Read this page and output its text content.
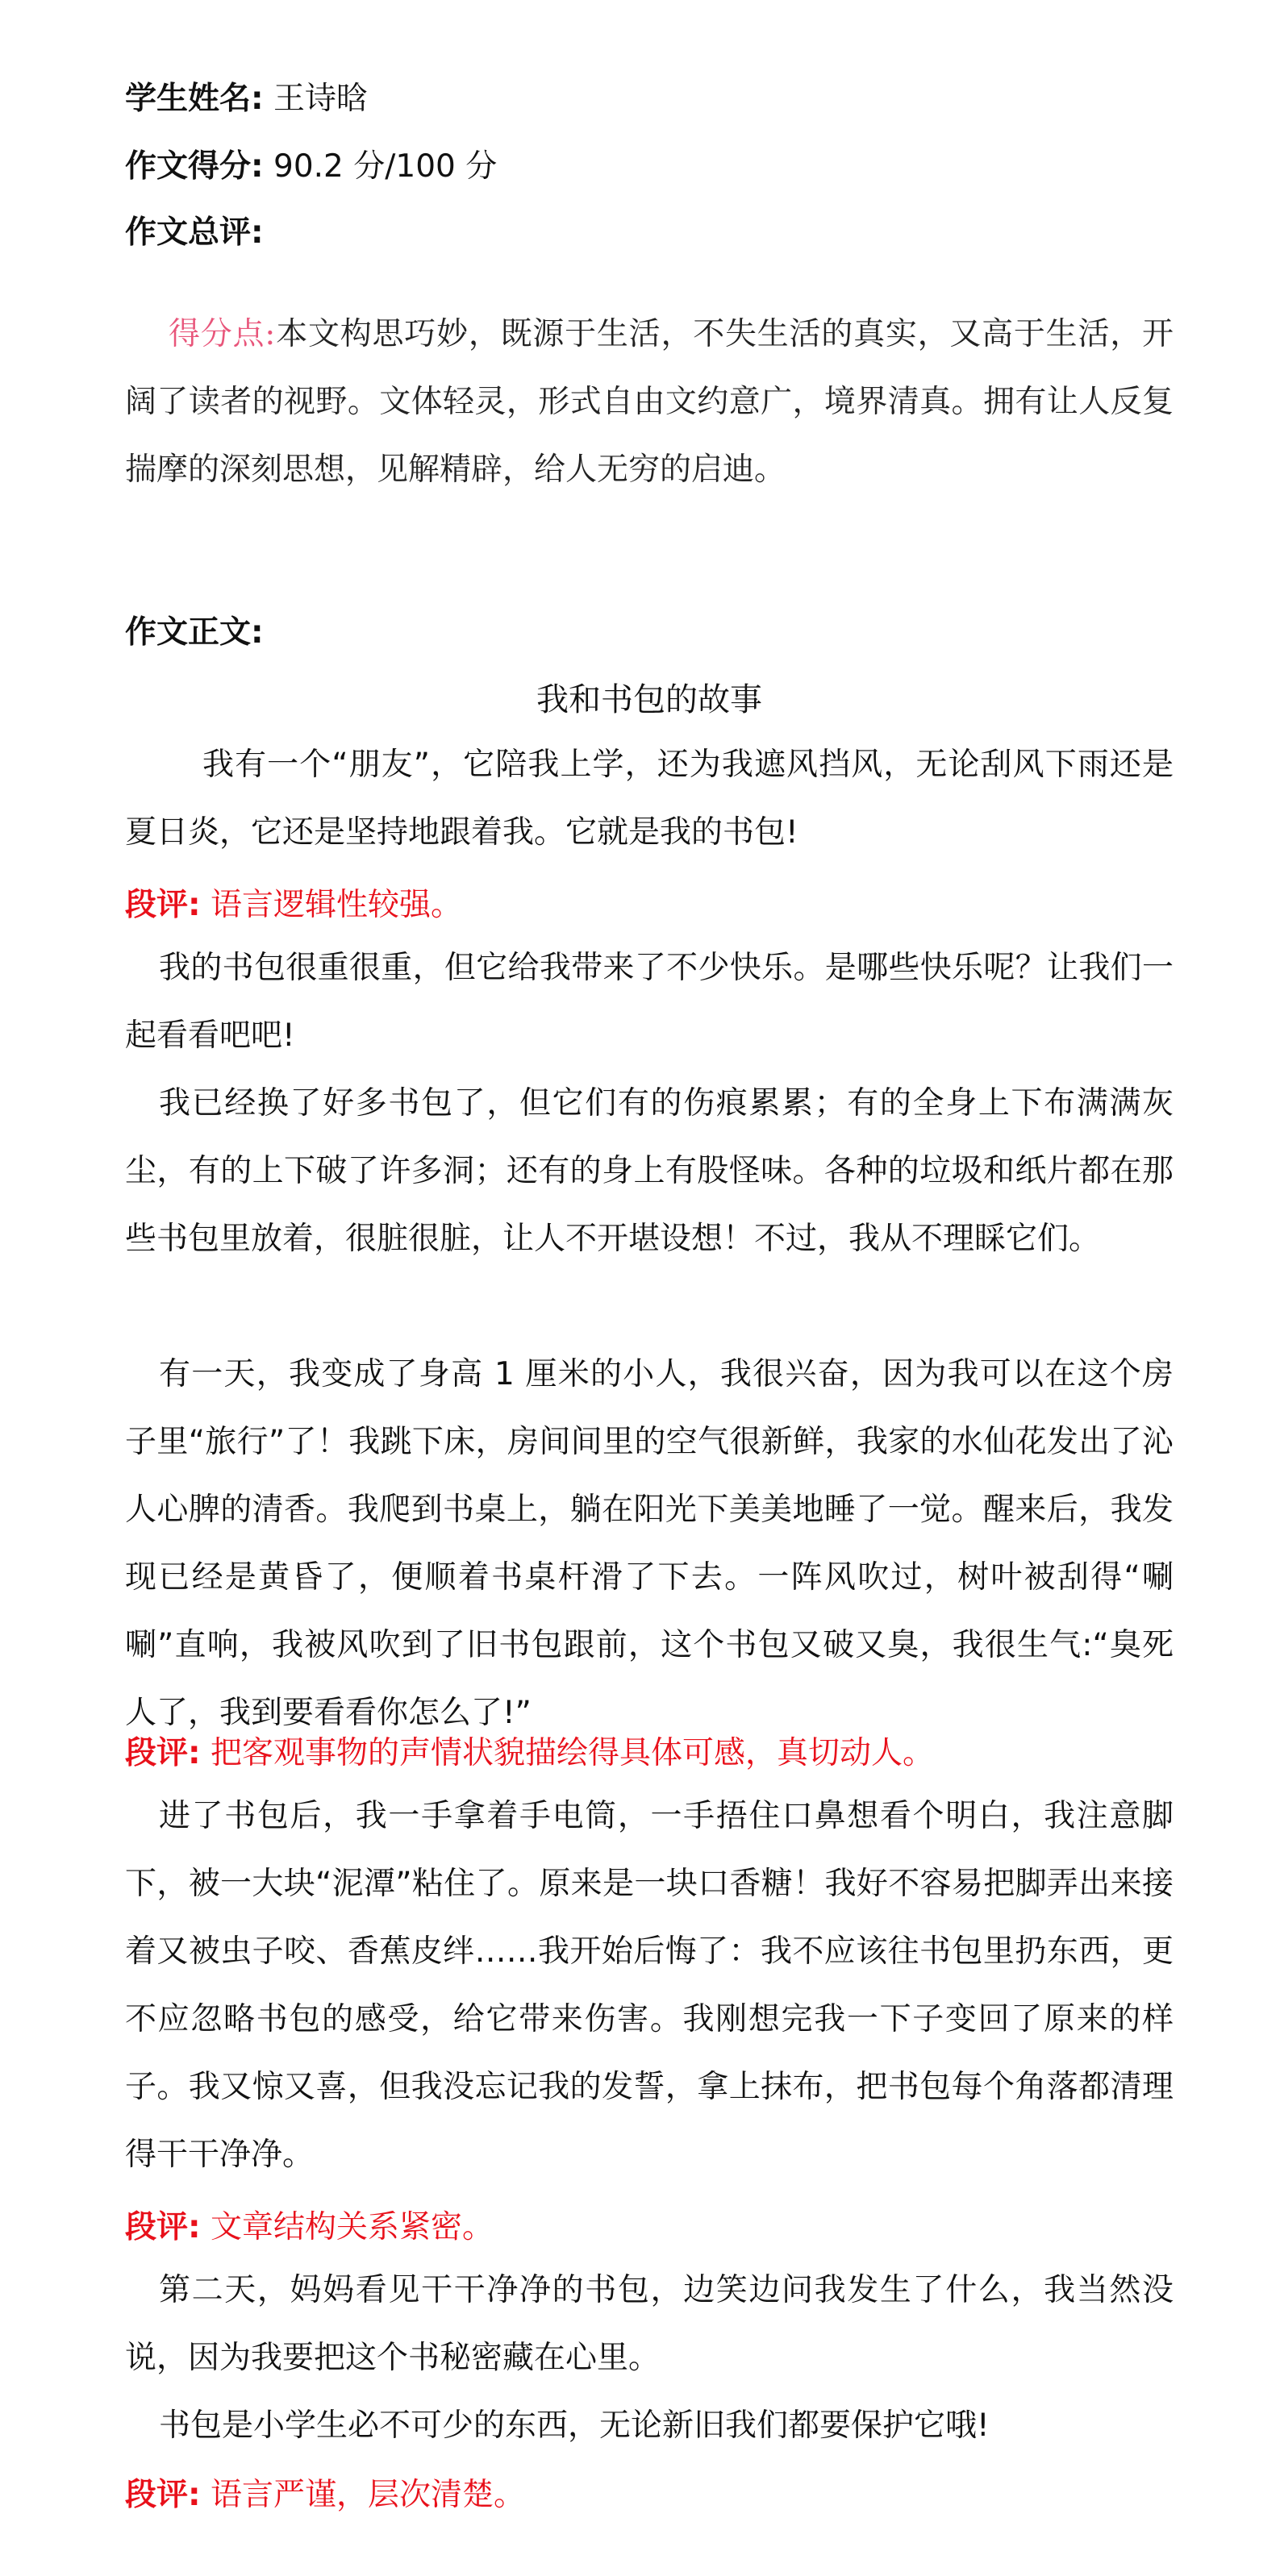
学生姓名: 王诗晗
作文得分: 90.2 分/100 分
作文总评:
得分点:本文构思巧妙，既源于生活，不失生活的真实，又高于生活，开阔了读者的视野。文体轻灵，形式自由文约意广，境界清真。拥有让人反复揣摩的深刻思想，见解精辟，给人无穷的启迪。
作文正文:
我和书包的故事
我有一个“朋友”，它陪我上学，还为我遮风挡风，无论刮风下雨还是夏日炎，它还是坚持地跟着我。它就是我的书包!
段评: 语言逻辑性较强。
我的书包很重很重，但它给我带来了不少快乐。是哪些快乐呢？让我们一起看看吧吧!
我已经换了好多书包了，但它们有的伤痕累累；有的全身上下布满满灰尘，有的上下破了许多洞；还有的身上有股怪味。各种的垃圾和纸片都在那些书包里放着，很脏很脏，让人不开堪设想！不过，我从不理睬它们。
有一天，我变成了身高 1 厘米的小人，我很兴奋，因为我可以在这个房子里“旅行”了！我跳下床，房间间里的空气很新鲜，我家的水仙花发出了沁人心脾的清香。我爬到书桌上，躺在阳光下美美地睡了一觉。醒来后，我发现已经是黄昏了，便顺着书桌杆滑了下去。一阵风吹过，树叶被刮得“唰唰”直响，我被风吹到了旧书包跟前，这个书包又破又臭，我很生气:“臭死人了，我到要看看你怎么了!”
段评: 把客观事物的声情状貌描绘得具体可感，真切动人。
进了书包后，我一手拿着手电筒，一手捂住口鼻想看个明白，我注意脚下，被一大块“泥潭”粘住了。原来是一块口香糖！我好不容易把脚弄出来接着又被虫子咬、香蕉皮绊……我开始后悔了：我不应该往书包里扔东西，更不应忽略书包的感受，给它带来伤害。我刚想完我一下子变回了原来的样子。我又惊又喜，但我没忘记我的发誓，拿上抹布，把书包每个角落都清理得干干净净。
段评: 文章结构关系紧密。
第二天，妈妈看见干干净净的书包，边笑边问我发生了什么，我当然没说，因为我要把这个书秘密藏在心里。
书包是小学生必不可少的东西，无论新旧我们都要保护它哦!
段评: 语言严谨，层次清楚。
